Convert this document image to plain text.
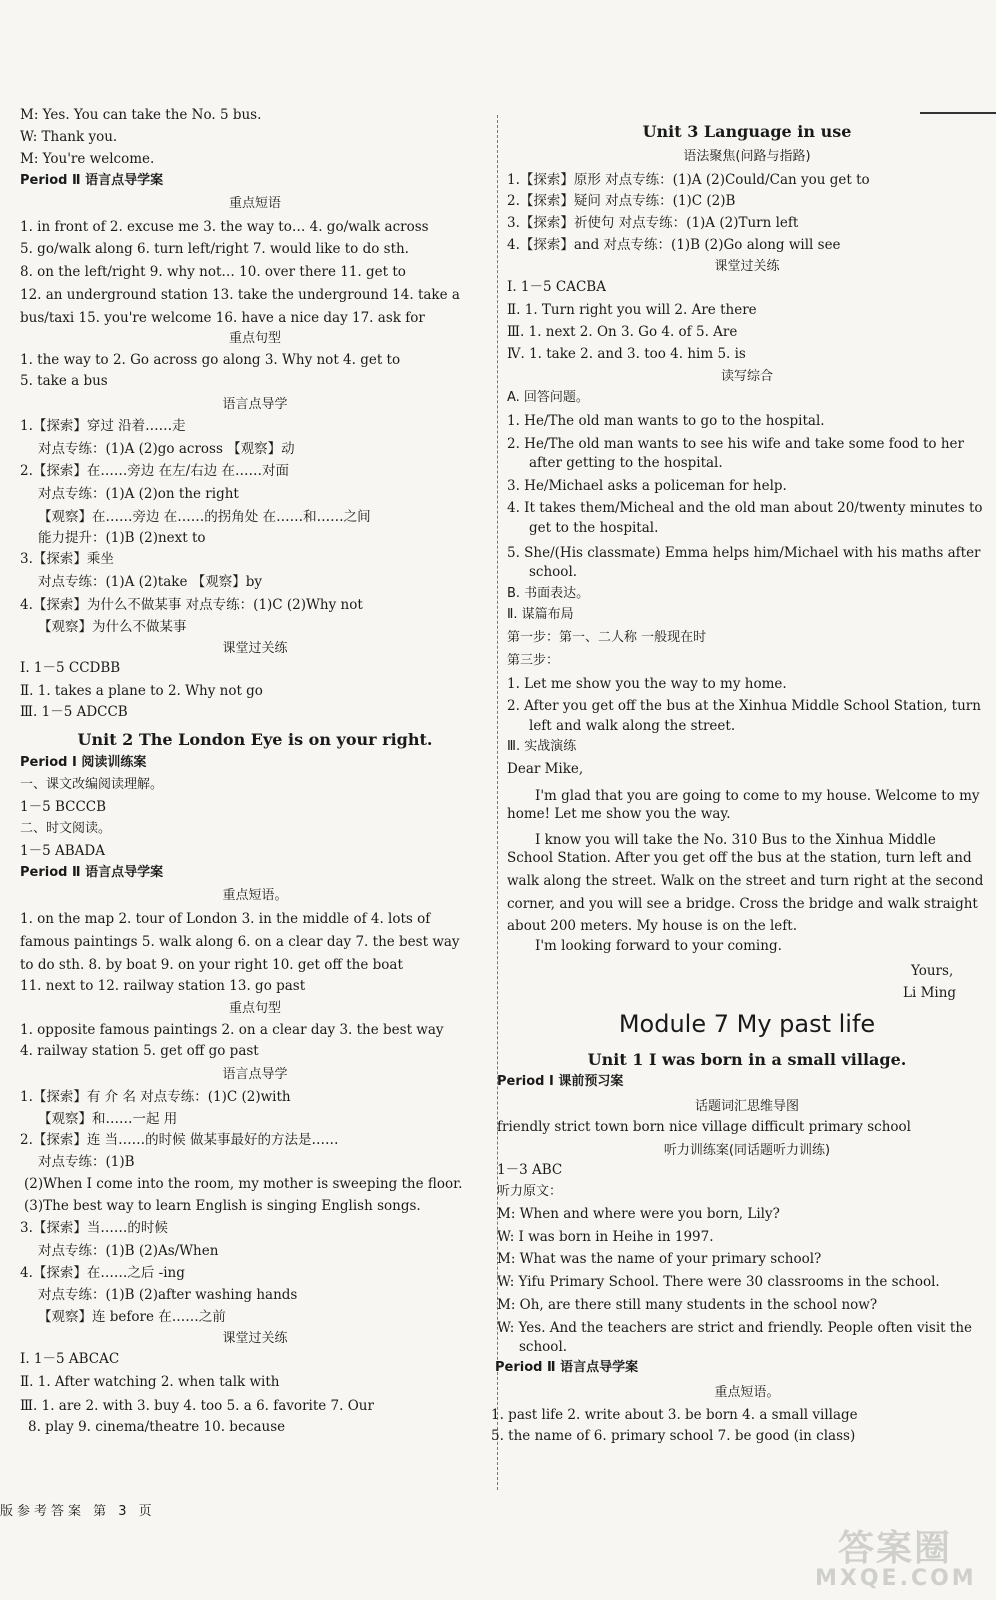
M: Yes. You can take the No. 5 bus.
W: Thank you.
M: You're welcome.
Period Ⅱ 语言点导学案
重点短语
1. in front of 2. excuse me 3. the way to… 4. go/walk across
5. go/walk along 6. turn left/right 7. would like to do sth.
8. on the left/right 9. why not… 10. over there 11. get to
12. an underground station 13. take the underground 14. take a
bus/taxi 15. you're welcome 16. have a nice day 17. ask for
重点句型
1. the way to 2. Go across go along 3. Why not 4. get to
5. take a bus
语言点导学
1.【探索】穿过 沿着……走
对点专练：(1)A (2)go across 【观察】动
2.【探索】在……旁边 在左/右边 在……对面
对点专练：(1)A (2)on the right
【观察】在……旁边 在……的拐角处 在……和……之间
能力提升：(1)B (2)next to
3.【探索】乘坐
对点专练：(1)A (2)take 【观察】by
4.【探索】为什么不做某事 对点专练：(1)C (2)Why not
【观察】为什么不做某事
课堂过关练
Ⅰ. 1－5 CCDBB
Ⅱ. 1. takes a plane to 2. Why not go
Ⅲ. 1－5 ADCCB
Unit 2 The London Eye is on your right.
Period Ⅰ 阅读训练案
一、课文改编阅读理解。
1－5 BCCCB
二、时文阅读。
1－5 ABADA
Period Ⅱ 语言点导学案
重点短语。
1. on the map 2. tour of London 3. in the middle of 4. lots of
famous paintings 5. walk along 6. on a clear day 7. the best way
to do sth. 8. by boat 9. on your right 10. get off the boat
11. next to 12. railway station 13. go past
重点句型
1. opposite famous paintings 2. on a clear day 3. the best way
4. railway station 5. get off go past
语言点导学
1.【探索】有 介 名 对点专练：(1)C (2)with
【观察】和……一起 用
2.【探索】连 当……的时候 做某事最好的方法是……
对点专练：(1)B
(2)When I come into the room, my mother is sweeping the floor.
(3)The best way to learn English is singing English songs.
3.【探索】当……的时候
对点专练：(1)B (2)As/When
4.【探索】在……之后 -ing
对点专练：(1)B (2)after washing hands
【观察】连 before 在……之前
课堂过关练
Ⅰ. 1－5 ABCAC
Ⅱ. 1. After watching 2. when talk with
Ⅲ. 1. are 2. with 3. buy 4. too 5. a 6. favorite 7. Our
8. play 9. cinema/theatre 10. because
Unit 3 Language in use
语法聚焦(问路与指路)
1.【探索】原形 对点专练：(1)A (2)Could/Can you get to
2.【探索】疑问 对点专练：(1)C (2)B
3.【探索】祈使句 对点专练：(1)A (2)Turn left
4.【探索】and 对点专练：(1)B (2)Go along will see
课堂过关练
Ⅰ. 1－5 CACBA
Ⅱ. 1. Turn right you will 2. Are there
Ⅲ. 1. next 2. On 3. Go 4. of 5. Are
Ⅳ. 1. take 2. and 3. too 4. him 5. is
读写综合
A. 回答问题。
1. He/The old man wants to go to the hospital.
2. He/The old man wants to see his wife and take some food to her
after getting to the hospital.
3. He/Michael asks a policeman for help.
4. It takes them/Micheal and the old man about 20/twenty minutes to
get to the hospital.
5. She/(His classmate) Emma helps him/Michael with his maths after
school.
B. 书面表达。
Ⅱ. 谋篇布局
第一步：第一、二人称 一般现在时
第三步：
1. Let me show you the way to my home.
2. After you get off the bus at the Xinhua Middle School Station, turn
left and walk along the street.
Ⅲ. 实战演练
Dear Mike,
I'm glad that you are going to come to my house. Welcome to my
home! Let me show you the way.
I know you will take the No. 310 Bus to the Xinhua Middle
School Station. After you get off the bus at the station, turn left and
walk along the street. Walk on the street and turn right at the second
corner, and you will see a bridge. Cross the bridge and walk straight
about 200 meters. My house is on the left.
I'm looking forward to your coming.
Yours,
Li Ming
Module 7 My past life
Unit 1 I was born in a small village.
Period Ⅰ 课前预习案
话题词汇思维导图
friendly strict town born nice village difficult primary school
听力训练案(同话题听力训练)
1－3 ABC
听力原文：
M: When and where were you born, Lily?
W: I was born in Heihe in 1997.
M: What was the name of your primary school?
W: Yifu Primary School. There were 30 classrooms in the school.
M: Oh, are there still many students in the school now?
W: Yes. And the teachers are strict and friendly. People often visit the
school.
Period Ⅱ 语言点导学案
重点短语。
1. past life 2. write about 3. be born 4. a small village
5. the name of 6. primary school 7. be good (in class)
版参考答案 第 3 页
答案圈
MXQE.COM
